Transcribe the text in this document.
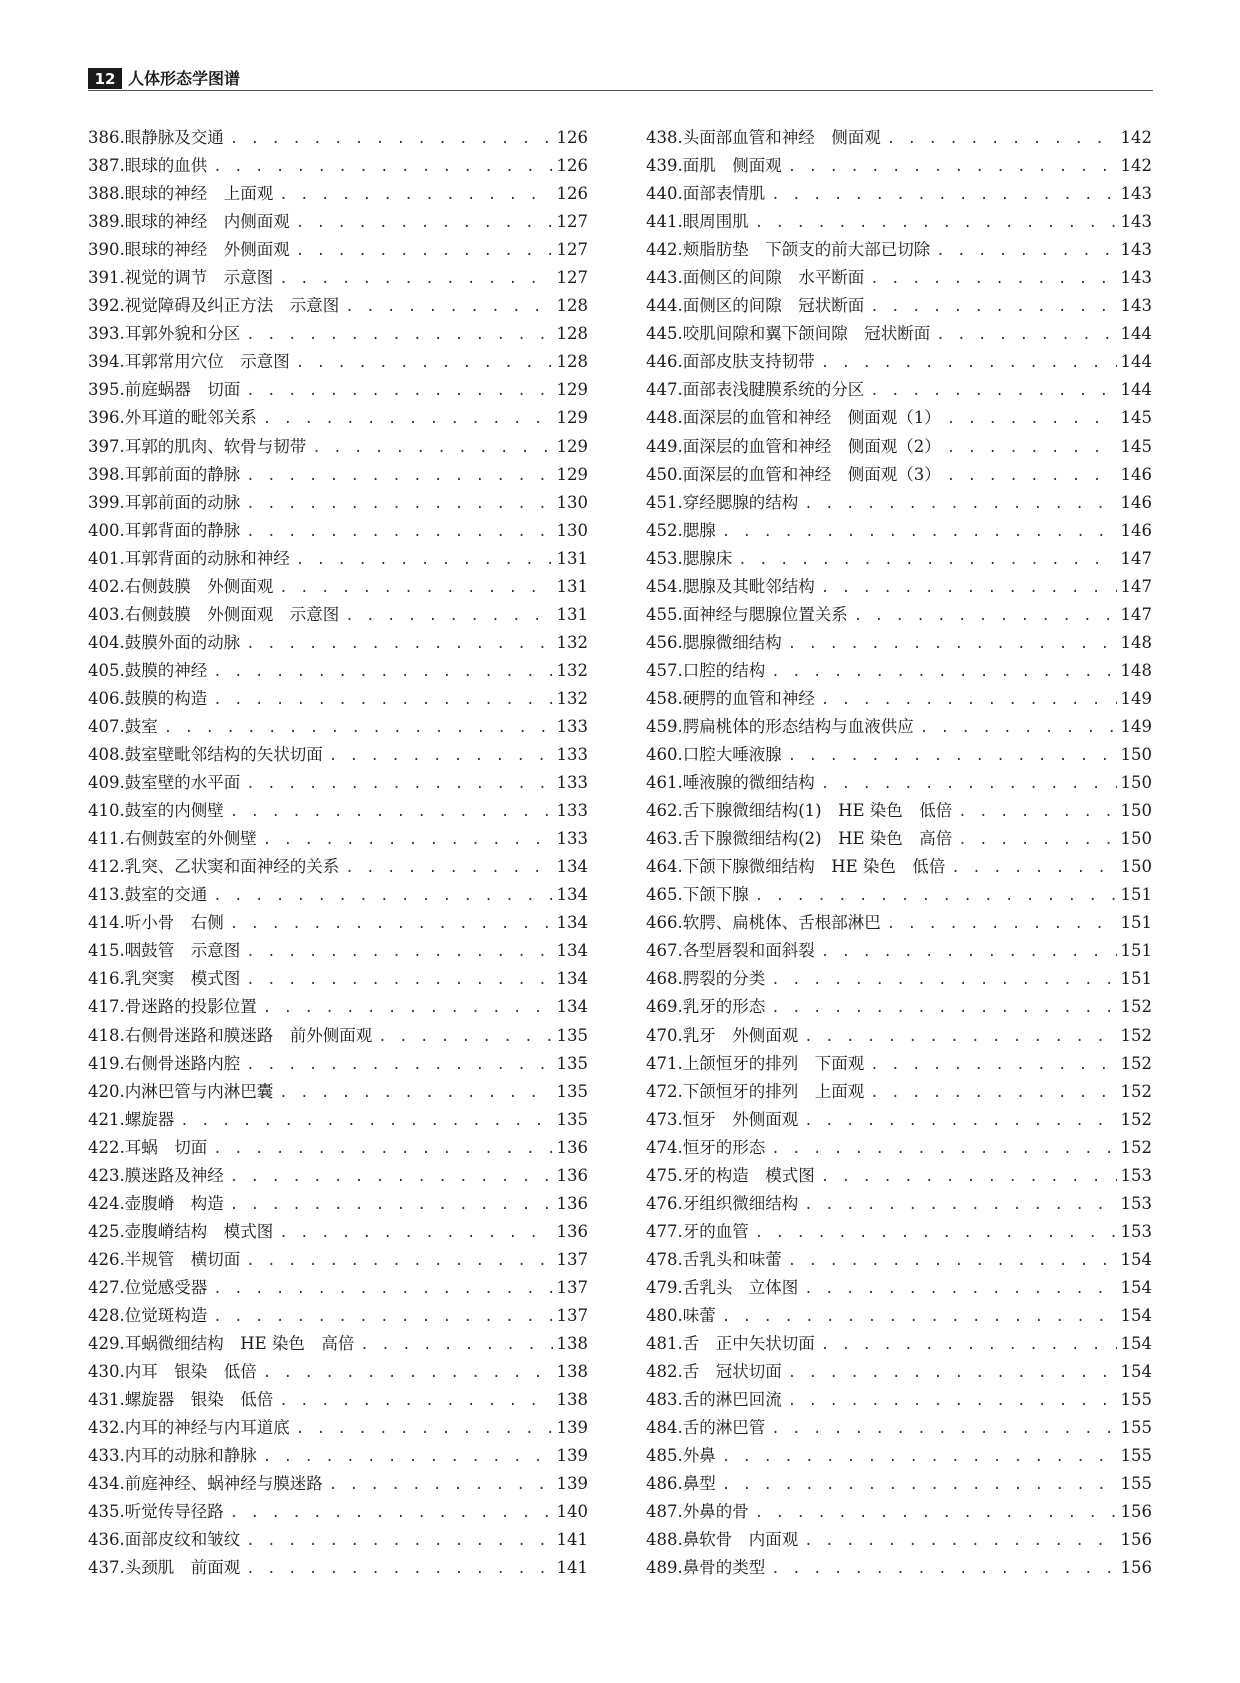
12 人体形态学图谱
386.眼静脉及交通 . . .	126
387.眼球的血供 . . .	126
388.眼球的神经　上面观 . . .	126
389.眼球的神经　内侧面观 . . .	127
390.眼球的神经　外侧面观 . . .	127
391.视觉的调节　示意图 . . .	127
392.视觉障碍及纠正方法　示意图 . . .	128
393.耳郭外貌和分区 . . .	128
394.耳郭常用穴位　示意图 . . .	128
395.前庭蜗器　切面 . . .	129
396.外耳道的毗邻关系 . . .	129
397.耳郭的肌肉、软骨与韧带 . . .	129
398.耳郭前面的静脉 . . .	129
399.耳郭前面的动脉 . . .	130
400.耳郭背面的静脉 . . .	130
401.耳郭背面的动脉和神经 . . .	131
402.右侧鼓膜　外侧面观 . . .	131
403.右侧鼓膜　外侧面观　示意图 . . .	131
404.鼓膜外面的动脉 . . .	132
405.鼓膜的神经 . . .	132
406.鼓膜的构造 . . .	132
407.鼓室 . . .	133
408.鼓室壁毗邻结构的矢状切面 . . .	133
409.鼓室壁的水平面 . . .	133
410.鼓室的内侧壁 . . .	133
411.右侧鼓室的外侧壁 . . .	133
412.乳突、乙状窦和面神经的关系 . . .	134
413.鼓室的交通 . . .	134
414.听小骨　右侧 . . .	134
415.咽鼓管　示意图 . . .	134
416.乳突窦　模式图 . . .	134
417.骨迷路的投影位置 . . .	134
418.右侧骨迷路和膜迷路　前外侧面观 . . .	135
419.右侧骨迷路内腔 . . .	135
420.内淋巴管与内淋巴囊 . . .	135
421.螺旋器 . . .	135
422.耳蜗　切面 . . .	136
423.膜迷路及神经 . . .	136
424.壶腹嵴　构造 . . .	136
425.壶腹嵴结构　模式图 . . .	136
426.半规管　横切面 . . .	137
427.位觉感受器 . . .	137
428.位觉斑构造 . . .	137
429.耳蜗微细结构　HE 染色　高倍 . . .	138
430.内耳　银染　低倍 . . .	138
431.螺旋器　银染　低倍 . . .	138
432.内耳的神经与内耳道底 . . .	139
433.内耳的动脉和静脉 . . .	139
434.前庭神经、蜗神经与膜迷路 . . .	139
435.听觉传导径路 . . .	140
436.面部皮纹和皱纹 . . .	141
437.头颈肌　前面观 . . .	141
438.头面部血管和神经　侧面观 . . .	142
439.面肌　侧面观 . . .	142
440.面部表情肌 . . .	143
441.眼周围肌 . . .	143
442.颊脂肪垫　下颌支的前大部已切除 . . .	143
443.面侧区的间隙　水平断面 . . .	143
444.面侧区的间隙　冠状断面 . . .	143
445.咬肌间隙和翼下颌间隙　冠状断面 . . .	144
446.面部皮肤支持韧带 . . .	144
447.面部表浅腱膜系统的分区 . . .	144
448.面深层的血管和神经　侧面观（1） . . .	145
449.面深层的血管和神经　侧面观（2） . . .	145
450.面深层的血管和神经　侧面观（3） . . .	146
451.穿经腮腺的结构 . . .	146
452.腮腺 . . .	146
453.腮腺床 . . .	147
454.腮腺及其毗邻结构 . . .	147
455.面神经与腮腺位置关系 . . .	147
456.腮腺微细结构 . . .	148
457.口腔的结构 . . .	148
458.硬腭的血管和神经 . . .	149
459.腭扁桃体的形态结构与血液供应 . . .	149
460.口腔大唾液腺 . . .	150
461.唾液腺的微细结构 . . .	150
462.舌下腺微细结构(1)　HE 染色　低倍 . . .	150
463.舌下腺微细结构(2)　HE 染色　高倍 . . .	150
464.下颌下腺微细结构　HE 染色　低倍 . . .	150
465.下颌下腺 . . .	151
466.软腭、扁桃体、舌根部淋巴 . . .	151
467.各型唇裂和面斜裂 . . .	151
468.腭裂的分类 . . .	151
469.乳牙的形态 . . .	152
470.乳牙　外侧面观 . . .	152
471.上颌恒牙的排列　下面观 . . .	152
472.下颌恒牙的排列　上面观 . . .	152
473.恒牙　外侧面观 . . .	152
474.恒牙的形态 . . .	152
475.牙的构造　模式图 . . .	153
476.牙组织微细结构 . . .	153
477.牙的血管 . . .	153
478.舌乳头和味蕾 . . .	154
479.舌乳头　立体图 . . .	154
480.味蕾 . . .	154
481.舌　正中矢状切面 . . .	154
482.舌　冠状切面 . . .	154
483.舌的淋巴回流 . . .	155
484.舌的淋巴管 . . .	155
485.外鼻 . . .	155
486.鼻型 . . .	155
487.外鼻的骨 . . .	156
488.鼻软骨　内面观 . . .	156
489.鼻骨的类型 . . .	156
